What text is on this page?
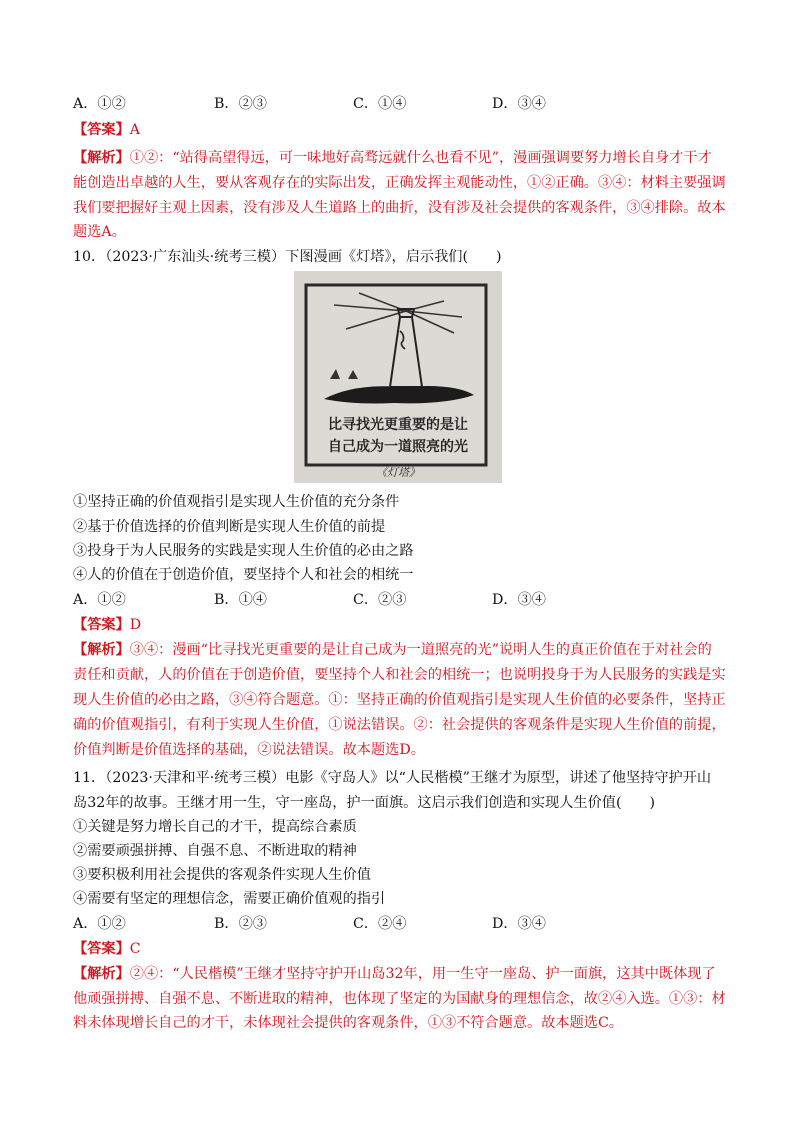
A．①②	B．②③	C．①④	D．③④
【答案】A
【解析】①②：“站得高望得远，可一味地好高骛远就什么也看不见”，漫画强调要努力增长自身才干才
能创造出卓越的人生，要从客观存在的实际出发，正确发挥主观能动性，①②正确。③④：材料主要强调
我们要把握好主观上因素，没有涉及人生道路上的曲折，没有涉及社会提供的客观条件，③④排除。故本
题选A。
10．（2023·广东汕头·统考三模）下图漫画《灯塔》，启示我们( )
比寻找光更重要的是让
自己成为一道照亮的光
《灯塔》
①坚持正确的价值观指引是实现人生价值的充分条件
②基于价值选择的价值判断是实现人生价值的前提
③投身于为人民服务的实践是实现人生价值的必由之路
④人的价值在于创造价值，要坚持个人和社会的相统一
A．①②	B．①④	C．②③	D．③④
【答案】D
【解析】③④：漫画“比寻找光更重要的是让自己成为一道照亮的光”说明人生的真正价值在于对社会的
责任和贡献，人的价值在于创造价值，要坚持个人和社会的相统一；也说明投身于为人民服务的实践是实
现人生价值的必由之路，③④符合题意。①：坚持正确的价值观指引是实现人生价值的必要条件，坚持正
确的价值观指引，有利于实现人生价值，①说法错误。②：社会提供的客观条件是实现人生价值的前提，
价值判断是价值选择的基础，②说法错误。故本题选D。
11．（2023·天津和平·统考三模）电影《守岛人》以“人民楷模”王继才为原型，讲述了他坚持守护开山
岛32年的故事。王继才用一生，守一座岛，护一面旗。这启示我们创造和实现人生价值( )
①关键是努力增长自己的才干，提高综合素质
②需要顽强拼搏、自强不息、不断进取的精神
③要积极利用社会提供的客观条件实现人生价值
④需要有坚定的理想信念，需要正确价值观的指引
A．①②	B．②③	C．②④	D．③④
【答案】C
【解析】②④：“人民楷模”王继才坚持守护开山岛32年，用一生守一座岛、护一面旗，这其中既体现了
他顽强拼搏、自强不息、不断进取的精神，也体现了坚定的为国献身的理想信念，故②④入选。①③：材
料未体现增长自己的才干，未体现社会提供的客观条件，①③不符合题意。故本题选C。
